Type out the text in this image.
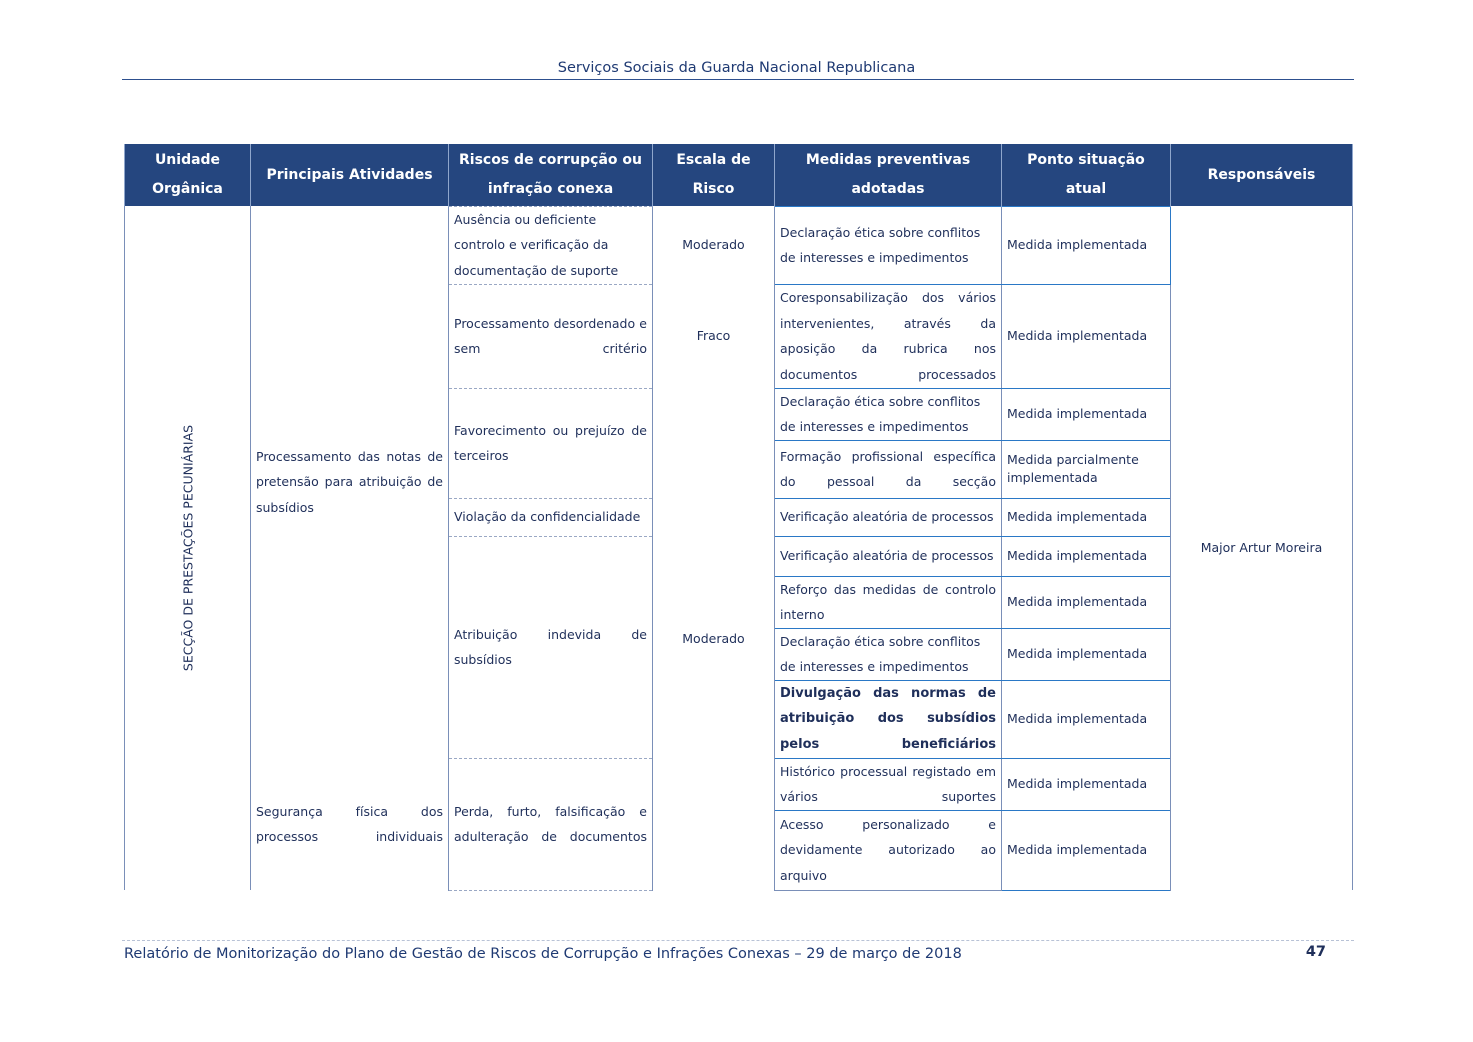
Serviços Sociais da Guarda Nacional Republicana
Unidade Orgânica	Principais Atividades	Riscos de corrupção ou infração conexa	Escala de Risco	Medidas preventivas adotadas	Ponto situação atual	Responsáveis

SECÇÃO DE PRESTAÇÕES PECUNIÁRIAS	Processamento das notas de pretensão para atribuição de subsídios	Ausência ou deficiente controlo e verificação da documentação de suporte	Moderado	Declaração ética sobre conflitos de interesses e impedimentos	Medida implementada	Major Artur Moreira
		Processamento desordenado e sem critério	Fraco	Coresponsabilização dos vários intervenientes, através da aposição da rubrica nos documentos processados	Medida implementada	
		Favorecimento ou prejuízo de terceiros	Moderado	Declaração ética sobre conflitos de interesses e impedimentos	Medida implementada	
				Formação profissional específica do pessoal da secção	Medida parcialmente implementada	
		Violação da confidencialidade		Verificação aleatória de processos	Medida implementada	
		Atribuição indevida de subsídios		Verificação aleatória de processos	Medida implementada	
				Reforço das medidas de controlo interno	Medida implementada	
				Declaração ética sobre conflitos de interesses e impedimentos	Medida implementada	
				Divulgação das normas de atribuição dos subsídios pelos beneficiários	Medida implementada	
	Segurança física dos processos individuais	Perda, furto, falsificação e adulteração de documentos		Histórico processual registado em vários suportes	Medida implementada	
				Acesso personalizado e devidamente autorizado ao arquivo	Medida implementada	
Relatório de Monitorização do Plano de Gestão de Riscos de Corrupção e Infrações Conexas – 29 de março de 2018	47
